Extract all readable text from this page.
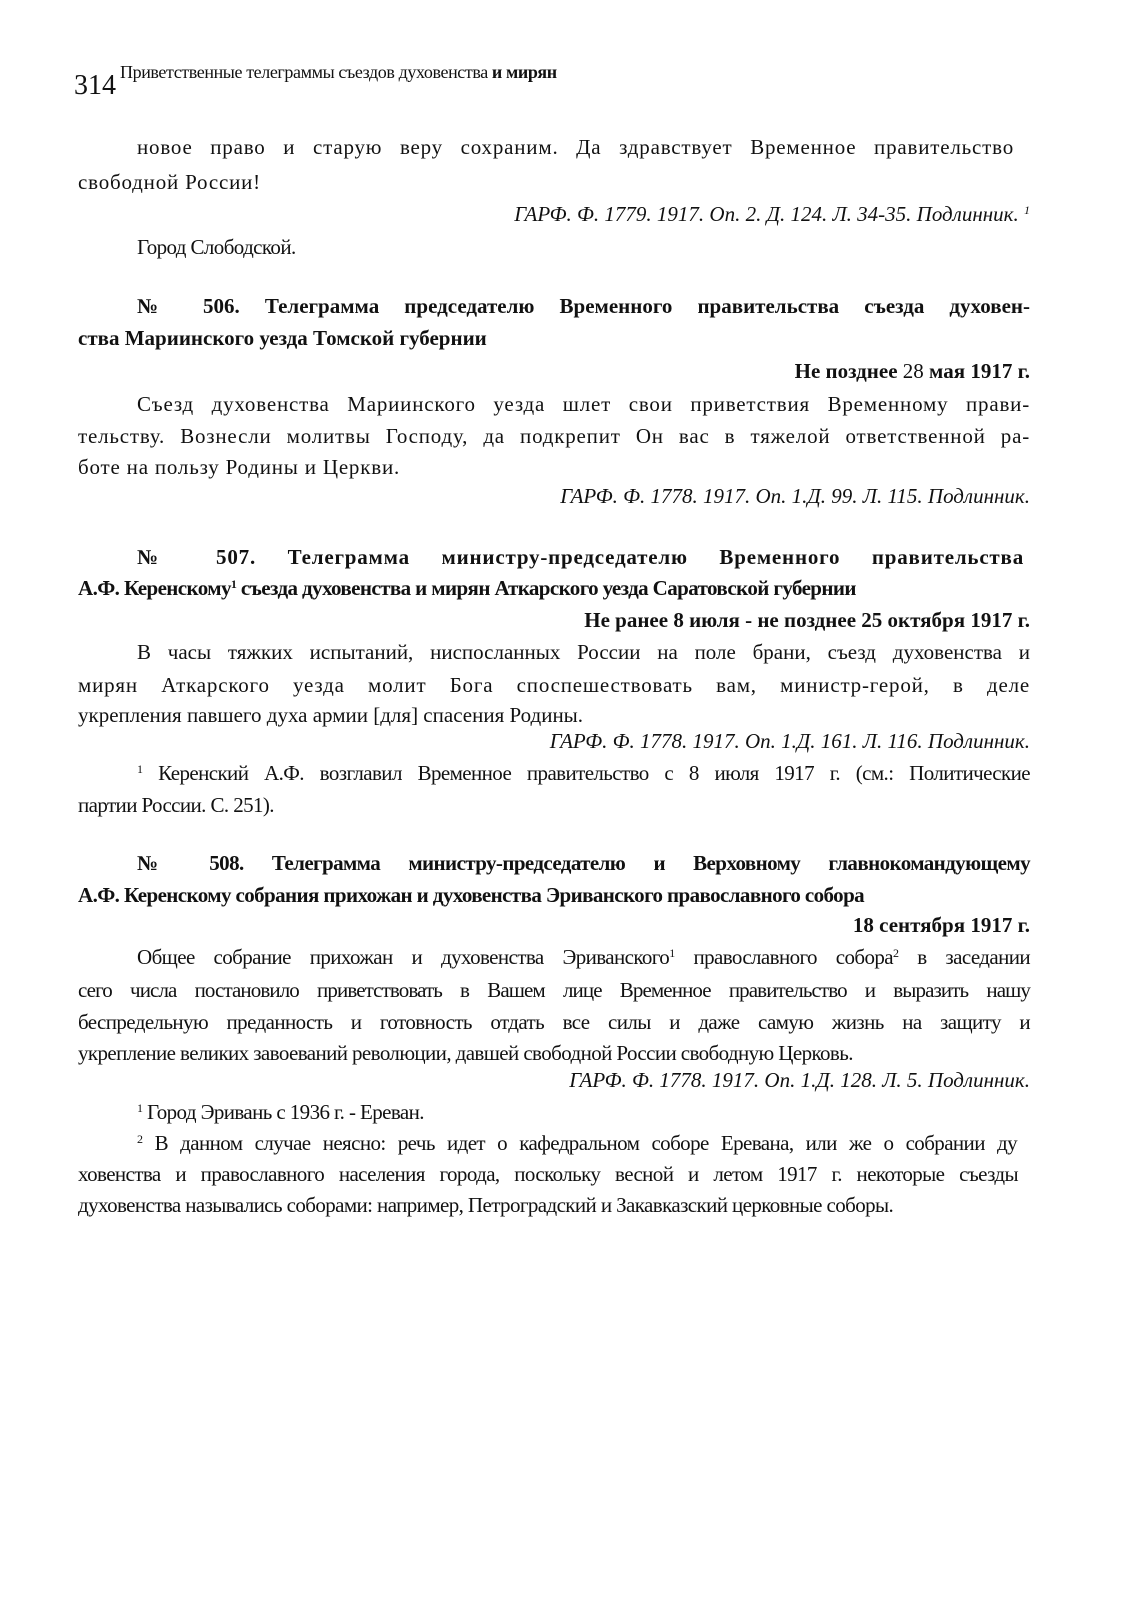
314 Приветственные телеграммы съездов духовенства и мирян
новое право и старую веру сохраним. Да здравствует Временное правительство
свободной России!
ГАРФ. Ф. 1779. 1917. Оп. 2. Д. 124. Л. 34-35. Подлинник. $^1$
Город Слободской.
№ 506. Телеграмма председателю Временного правительства съезда духовен-
ства Мариинского уезда Томской губернии
Не позднее 28 мая 1917 г.
Съезд духовенства Мариинского уезда шлет свои приветствия Временному прави-
тельству. Вознесли молитвы Господу, да подкрепит Он вас в тяжелой ответственной ра-
боте на пользу Родины и Церкви.
ГАРФ. Ф. 1778. 1917. Оп. 1.Д. 99. Л. 115. Подлинник.
№ 507. Телеграмма министру-председателю Временного правительства
А.Ф. Керенскому$^1$ съезда духовенства и мирян Аткарского уезда Саратовской губернии
Не ранее 8 июля - не позднее 25 октября 1917 г.
В часы тяжких испытаний, ниспосланных России на поле брани, съезд духовенства и
мирян Аткарского уезда молит Бога споспешествовать вам, министр-герой, в деле
укрепления павшего духа армии [для] спасения Родины.
ГАРФ. Ф. 1778. 1917. Оп. 1.Д. 161. Л. 116. Подлинник.
$^1$ Керенский А.Ф. возглавил Временное правительство с 8 июля 1917 г. (см.: Политические
партии России. С. 251).
№ 508. Телеграмма министру-председателю и Верховному главнокомандующему
А.Ф. Керенскому собрания прихожан и духовенства Эриванского православного собора
18 сентября 1917 г.
Общее собрание прихожан и духовенства Эриванского$^1$ православного собора$^2$ в заседании
сего числа постановило приветствовать в Вашем лице Временное правительство и выразить нашу
беспредельную преданность и готовность отдать все силы и даже самую жизнь на защиту и
укрепление великих завоеваний революции, давшей свободной России свободную Церковь.
ГАРФ. Ф. 1778. 1917. Оп. 1.Д. 128. Л. 5. Подлинник.
$^1$ Город Эривань с 1936 г. - Ереван.
$^2$ В данном случае неясно: речь идет о кафедральном соборе Еревана, или же о собрании ду
ховенства и православного населения города, поскольку весной и летом 1917 г. некоторые съезды
духовенства назывались соборами: например, Петроградский и Закавказский церковные соборы.
